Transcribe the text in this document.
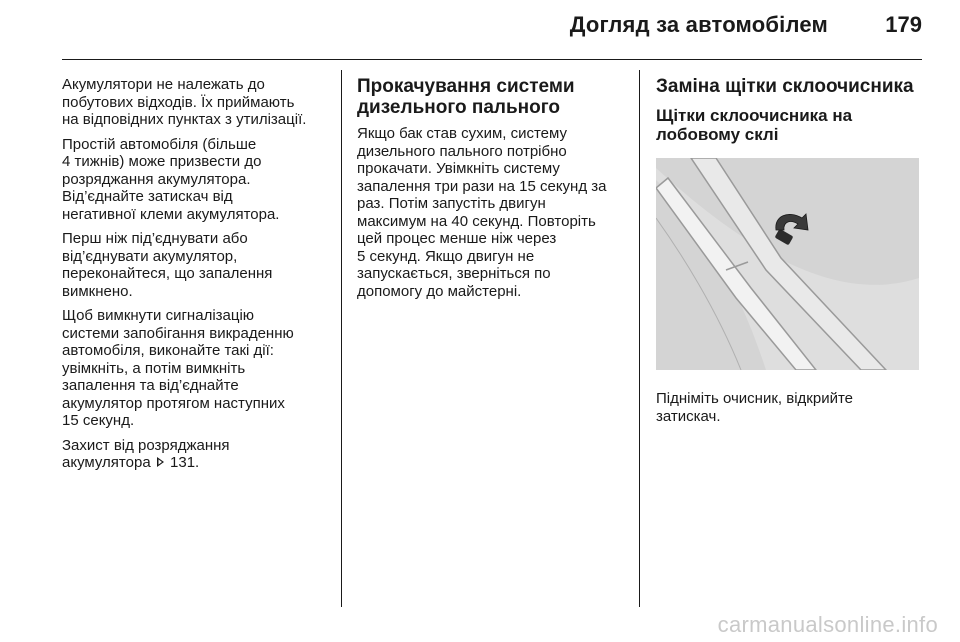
Догляд за автомобілем	179

Акумулятори не належать до
побутових відходів. Їх приймають
на відповідних пунктах з утилізації.

Простій автомобіля (більше
4 тижнів) може призвести до
розряджання акумулятора.
Від’єднайте затискач від
негативної клеми акумулятора.

Перш ніж під’єднувати або
від’єднувати акумулятор,
переконайтеся, що запалення
вимкнено.

Щоб вимкнути сигналізацію
системи запобігання викраденню
автомобіля, виконайте такі дії:
увімкніть, а потім вимкніть
запалення та від’єднайте
акумулятор протягом наступних
15 секунд.

Захист від розряджання
акумулятора 131.

Прокачування системи
дизельного пального

Якщо бак став сухим, систему
дизельного пального потрібно
прокачати. Увімкніть систему
запалення три рази на 15 секунд за
раз. Потім запустіть двигун
максимум на 40 секунд. Повторіть
цей процес менше ніж через
5 секунд. Якщо двигун не
запускається, зверніться по
допомогу до майстерні.

Заміна щітки склоочисника
Щітки склоочисника на
лобовому склі

Підніміть очисник, відкрийте
затискач.

carmanualsonline.info
